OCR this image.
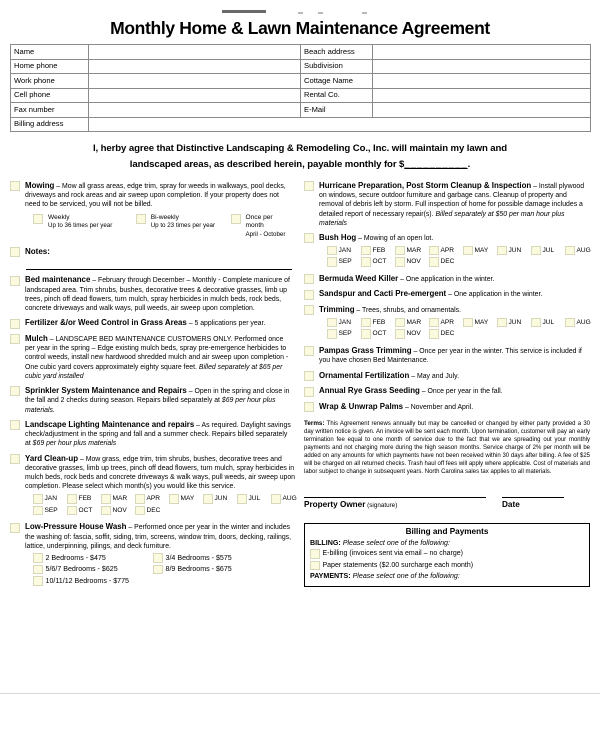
Monthly Home & Lawn Maintenance Agreement
Name		Beach address	
Home phone		Subdivision	
Work phone		Cottage Name	
Cell phone		Rental Co.	
Fax number		E-Mail	
Billing address			
I, herby agree that Distinctive Landscaping & Remodeling Co., Inc. will maintain my lawn and
landscaped areas, as described herein, payable monthly for $__________.
Mowing – Mow all grass areas, edge trim, spray for weeds in walkways, pool decks, driveways and rock areas and air sweep upon completion. If your property does not need to be serviced, you will not be billed.
Weekly
Up to 36 times per year
Bi-weekly
Up to 23 times per year
Once per month
April - October
Notes:
Bed maintenance – February through December – Monthly - Complete manicure of landscaped area. Trim shrubs, bushes, decorative trees & decorative grasses, limb up trees, pinch off dead flowers, turn mulch, spray herbicides in mulch beds, rock beds, concrete driveways and walk ways, pull weeds, air sweep upon completion.
Fertilizer &/or Weed Control in Grass Areas – 5 applications per year.
Mulch – LANDSCAPE BED MAINTENANCE CUSTOMERS ONLY. Performed once per year in the spring – Edge existing mulch beds, spray pre-emergence herbicides to control weeds, install new hardwood shredded mulch and air sweep upon completion - One cubic yard covers approximately eighty square feet. Billed separately at $65 per cubic yard installed
Sprinkler System Maintenance and Repairs – Open in the spring and close in the fall and 2 checks during season. Repairs billed separately at $69 per hour plus materials.
Landscape Lighting Maintenance and repairs – As required. Daylight savings check/adjustment in the spring and fall and a summer check. Repairs billed separately at $69 per hour plus materials
Yard Clean-up – Mow grass, edge trim, trim shrubs, bushes, decorative trees and decorative grasses, limb up trees, pinch off dead flowers, turn mulch, spray herbicides in mulch beds, rock beds and concrete driveways & walk ways, pull weeds, air sweep upon completion. Please select which month(s) you would like this service.
JAN	FEB	MAR	APR	MAY	JUN	JUL	AUG
SEP	OCT	NOV	DEC
Low-Pressure House Wash – Performed once per year in the winter and includes the washing of: fascia, soffit, siding, trim, screens, window trim, doors, decking, railings, lattice, underpinning, pilings, and deck furniture.
2 Bedrooms - $475
5/6/7 Bedrooms - $625
10/11/12 Bedrooms - $775
3/4 Bedrooms - $575
8/9 Bedrooms - $675
Hurricane Preparation, Post Storm Cleanup & Inspection – Install plywood on windows, secure outdoor furniture and garbage cans. Cleanup of property and removal of debris left by storm. Full inspection of home for possible damage includes a detailed report of necessary repair(s). Billed separately at $50 per man hour plus materials
Bush Hog – Mowing of an open lot.
JAN	FEB	MAR	APR	MAY	JUN	JUL	AUG
SEP	OCT	NOV	DEC
Bermuda Weed Killer – One application in the winter.
Sandspur and Cacti Pre-emergent – One application in the winter.
Trimming – Trees, shrubs, and ornamentals.
JAN	FEB	MAR	APR	MAY	JUN	JUL	AUG
SEP	OCT	NOV	DEC
Pampas Grass Trimming – Once per year in the winter. This service is included if you have chosen Bed Maintenance.
Ornamental Fertilization – May and July.
Annual Rye Grass Seeding – Once per year in the fall.
Wrap & Unwrap Palms – November and April.
Terms: This Agreement renews annually but may be cancelled or changed by either party provided a 30 day written notice is given. An invoice will be sent each month. Upon termination, customer will pay an early termination fee equal to one month of service due to the fact that we are spreading out your monthly payments and not charging more during the high season months. Service charge of 2% per month will be added on any amounts for which payments have not been received within 30 days after billing. A fee of $25 will be charged on all returned checks. Trash haul off fees will apply where applicable. Cost of materials and labor subject to change in subsequent years. North Carolina sales tax applies to all materials.
Property Owner (signature)	Date
Billing and Payments
BILLING: Please select one of the following:
E-billing (invoices sent via email – no charge)
Paper statements ($2.00 surcharge each month)
PAYMENTS: Please select one of the following:
